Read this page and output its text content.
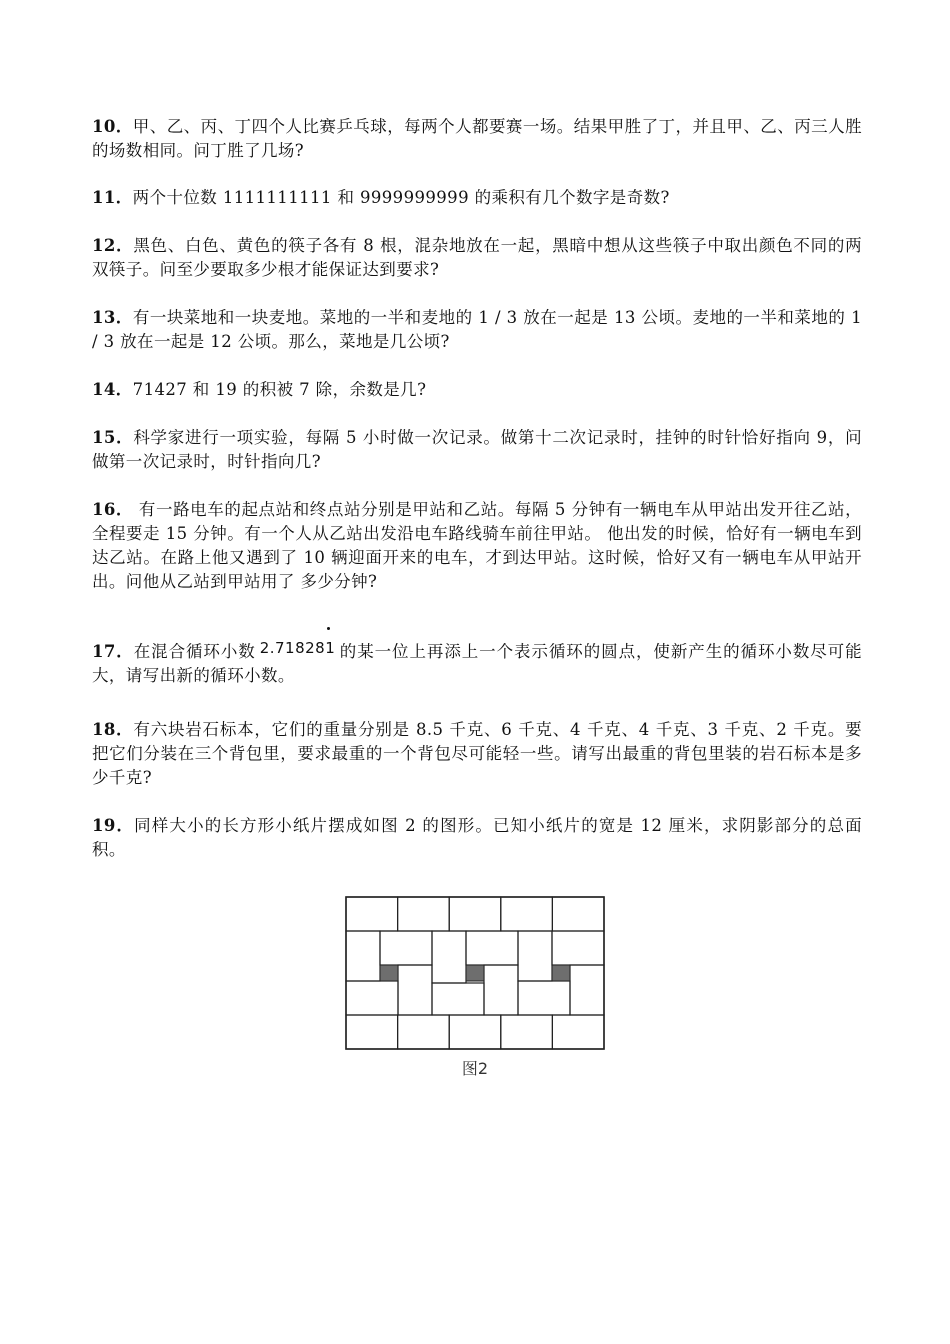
10．甲、乙、丙、丁四个人比赛乒乓球，每两个人都要赛一场。结果甲胜了丁，并且甲、乙、丙三人胜的场数相同。问丁胜了几场?

11．两个十位数 1111111111 和 9999999999 的乘积有几个数字是奇数?

12．黑色、白色、黄色的筷子各有 8 根，混杂地放在一起，黑暗中想从这些筷子中取出颜色不同的两双筷子。问至少要取多少根才能保证达到要求?

13．有一块菜地和一块麦地。菜地的一半和麦地的 1 / 3 放在一起是 13 公顷。麦地的一半和菜地的 1 / 3 放在一起是 12 公顷。那么，菜地是几公顷?

14．71427 和 19 的积被 7 除，余数是几?

15．科学家进行一项实验，每隔 5 小时做一次记录。做第十二次记录时，挂钟的时针恰好指向 9，问做第一次记录时，时针指向几?

16． 有一路电车的起点站和终点站分别是甲站和乙站。每隔 5 分钟有一辆电车从甲站出发开往乙站，全程要走 15 分钟。有一个人从乙站出发沿电车路线骑车前往甲站。 他出发的时候，恰好有一辆电车到达乙站。在路上他又遇到了 10 辆迎面开来的电车，才到达甲站。这时候，恰好又有一辆电车从甲站开出。问他从乙站到甲站用了 多少分钟?

17．在混合循环小数 2.718281 的某一位上再添上一个表示循环的圆点，使新产生的循环小数尽可能大，请写出新的循环小数。

18．有六块岩石标本，它们的重量分别是 8.5 千克、6 千克、4 千克、4 千克、3 千克、2 千克。要把它们分装在三个背包里，要求最重的一个背包尽可能轻一些。请写出最重的背包里装的岩石标本是多少千克?

19．同样大小的长方形小纸片摆成如图 2 的图形。已知小纸片的宽是 12 厘米，求阴影部分的总面积。

图2
